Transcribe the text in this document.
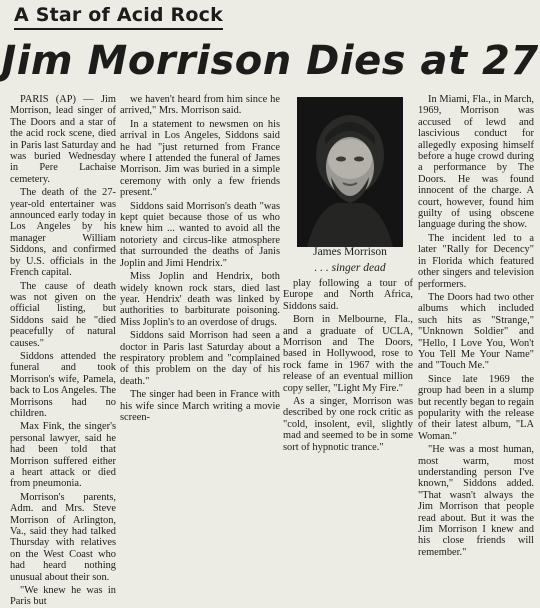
A Star of Acid Rock
Jim Morrison Dies at 27

PARIS (AP) — Jim Morrison, lead singer of The Doors and a star of the acid rock scene, died in Paris last Saturday and was buried Wednesday in Pere Lachaise cemetery.

The death of the 27-year-old entertainer was announced early today in Los Angeles by his manager William Siddons, and confirmed by U.S. officials in the French capital.

The cause of death was not given on the official listing, but Siddons said he "died peacefully of natural causes."

Siddons attended the funeral and took Morrison's wife, Pamela, back to Los Angeles. The Morrisons had no children.

Max Fink, the singer's personal lawyer, said he had been told that Morrison suffered either a heart attack or died from pneumonia.

Morrison's parents, Adm. and Mrs. Steve Morrison of Arlington, Va., said they had talked Thursday with relatives on the West Coast who had heard nothing unusual about their son.

"We knew he was in Paris but

we haven't heard from him since he arrived," Mrs. Morrison said.

In a statement to newsmen on his arrival in Los Angeles, Siddons said he had "just returned from France where I attended the funeral of James Morrison. Jim was buried in a simple ceremony with only a few friends present."

Siddons said Morrison's death "was kept quiet because those of us who knew him ... wanted to avoid all the notoriety and circus-like atmosphere that surrounded the deaths of Janis Joplin and Jimi Hendrix."

Miss Joplin and Hendrix, both widely known rock stars, died last year. Hendrix' death was linked by authorities to barbiturate poisoning. Miss Joplin's to an overdose of drugs.

Siddons said Morrison had seen a doctor in Paris last Saturday about a respiratory problem and "complained of this problem on the day of his death."

The singer had been in France with his wife since March writing a movie screen-

James Morrison
. . . singer dead

play following a tour of Europe and North Africa, Siddons said.

Born in Melbourne, Fla., and a graduate of UCLA, Morrison and The Doors, based in Hollywood, rose to rock fame in 1967 with the release of an eventual million copy seller, "Light My Fire."

As a singer, Morrison was described by one rock critic as "cold, insolent, evil, slightly mad and seemed to be in some sort of hypnotic trance."

In Miami, Fla., in March, 1969, Morrison was accused of lewd and lascivious conduct for allegedly exposing himself before a huge crowd during a performance by The Doors. He was found innocent of the charge. A court, however, found him guilty of using obscene language during the show.

The incident led to a later "Rally for Decency" in Florida which featured other singers and television performers.

The Doors had two other albums which included such hits as "Strange," "Unknown Soldier" and "Hello, I Love You, Won't You Tell Me Your Name" and "Touch Me."

Since late 1969 the group had been in a slump but recently began to regain popularity with the release of their latest album, "LA Woman."

"He was a most human, most warm, most understanding person I've known," Siddons added. "That wasn't always the Jim Morrison that people read about. But it was the Jim Morrison I knew and his close friends will remember."
